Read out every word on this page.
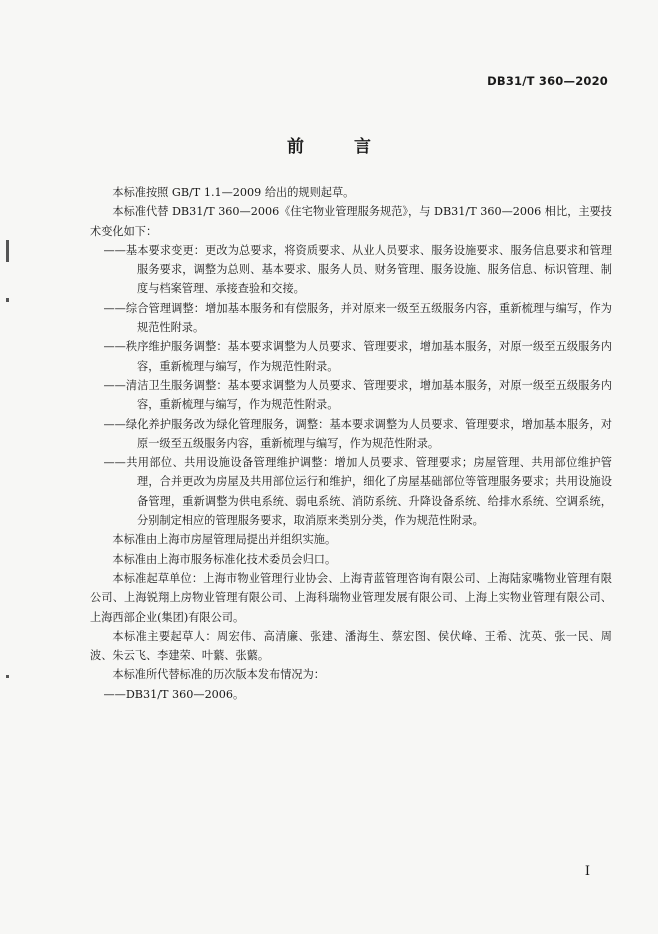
DB31/T 360—2020
前 言

本标准按照 GB/T 1.1—2009 给出的规则起草。

本标准代替 DB31/T 360—2006《住宅物业管理服务规范》，与 DB31/T 360—2006 相比，主要技术变化如下：

——基本要求变更：更改为总要求，将资质要求、从业人员要求、服务设施要求、服务信息要求和管理服务要求，调整为总则、基本要求、服务人员、财务管理、服务设施、服务信息、标识管理、制度与档案管理、承接查验和交接。

——综合管理调整：增加基本服务和有偿服务，并对原来一级至五级服务内容，重新梳理与编写，作为规范性附录。

——秩序维护服务调整：基本要求调整为人员要求、管理要求，增加基本服务，对原一级至五级服务内容，重新梳理与编写，作为规范性附录。

——清洁卫生服务调整：基本要求调整为人员要求、管理要求，增加基本服务，对原一级至五级服务内容，重新梳理与编写，作为规范性附录。

——绿化养护服务改为绿化管理服务，调整：基本要求调整为人员要求、管理要求，增加基本服务，对原一级至五级服务内容，重新梳理与编写，作为规范性附录。

——共用部位、共用设施设备管理维护调整：增加人员要求、管理要求；房屋管理、共用部位维护管理，合并更改为房屋及共用部位运行和维护，细化了房屋基础部位等管理服务要求；共用设施设备管理，重新调整为供电系统、弱电系统、消防系统、升降设备系统、给排水系统、空调系统，分别制定相应的管理服务要求，取消原来类别分类，作为规范性附录。

本标准由上海市房屋管理局提出并组织实施。

本标准由上海市服务标准化技术委员会归口。

本标准起草单位：上海市物业管理行业协会、上海青蓝管理咨询有限公司、上海陆家嘴物业管理有限公司、上海锐翔上房物业管理有限公司、上海科瑞物业管理发展有限公司、上海上实物业管理有限公司、上海西部企业(集团)有限公司。

本标准主要起草人：周宏伟、高清廉、张建、潘海生、蔡宏图、侯伏峰、王希、沈英、张一民、周波、朱云飞、李建荣、叶蘩、张蘩。

本标准所代替标准的历次版本发布情况为：

——DB31/T 360—2006。

I
